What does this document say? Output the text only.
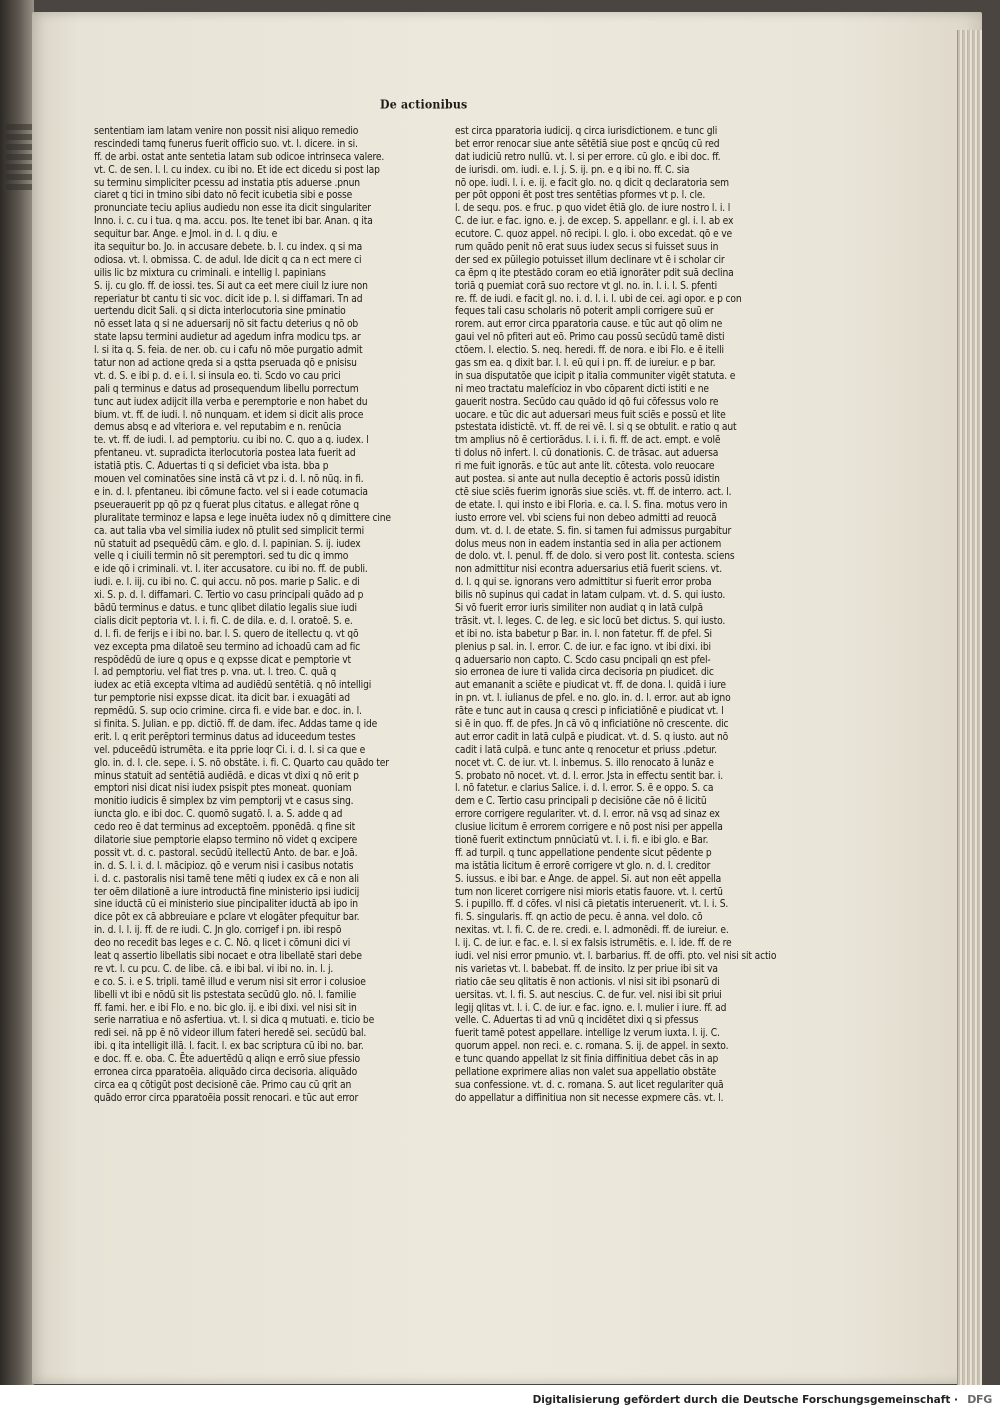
De actionibus
sententiam iam latam venire non possit nisi aliquo remedio
rescindedi tamq funerus fuerit officio suo. vt. l. dicere. in si.
ff. de arbi. ostat ante sentetia latam sub odicoe intrinseca valere.
vt. C. de sen. l. l. cu index. cu ibi no. Et ide ect dicedu si post lap
su terminu simpliciter pcessu ad instatia ptis aduerse .pnun
ciaret q tici in tmino sibi dato nō fecit icubetia sibi e posse
pronunciate teciu aplius audiedu non esse ita dicit singulariter
Inno. i. c. cu i tua. q ma. accu. pos. Ite tenet ibi bar. Anan. q ita
sequitur bar. Ange. e Jmol. in d. l. q diu. e
ita sequitur bo. Jo. in accusare debete. b. l. cu index. q si ma
odiosa. vt. l. obmissa. C. de adul. Ide dicit q ca n ect mere ci
uilis lic bz mixtura cu criminali. e intellig l. papinians
S. ij. cu glo. ff. de iossi. tes. Si aut ca eet mere ciuil lz iure non
reperiatur bt cantu ti sic voc. dicit ide p. l. si diffamari. Tn ad
uertendu dicit Sali. q si dicta interlocutoria sine pminatio
nō esset lata q si ne aduersarij nō sit factu deterius q nō ob
state lapsu termini audietur ad agedum infra modicu tps. ar
l. si ita q. S. feia. de ner. ob. cu i cafu nō mōe purgatio admit
tatur non ad actione qreda si a qstta pseruada qō e pnisisu
vt. d. S. e ibi p. d. e i. l. si insula eo. ti. Scdo vo cau prici
pali q terminus e datus ad prosequendum libellu porrectum
tunc aut iudex adijcit illa verba e peremptorie e non habet du
bium. vt. ff. de iudi. l. nō nunquam. et idem si dicit alis proce
demus absq e ad vlteriora e. vel reputabim e n. renūcia
te. vt. ff. de iudi. l. ad pemptoriu. cu ibi no. C. quo a q. iudex. l
pfentaneu. vt. supradicta iterlocutoria postea lata fuerit ad
istatiā ptis. C. Aduertas ti q si deficiet vba ista. bba p
mouen vel cominatōes sine instā cā vt pz i. d. l. nō nūq. in fi.
e in. d. l. pfentaneu. ibi cōmune facto. vel si i eade cotumacia
pseuerauerit pp qō pz q fuerat plus citatus. e allegat rōne q
pluralitate terminoz e lapsa e lege inuēta iudex nō q dimittere cine
ca. aut talia vba vel similia iudex nō ptulit sed simplicit termi
nū statuit ad psequēdū cām. e glo. d. l. papinian. S. ij. iudex
velle q i ciuili termin nō sit peremptori. sed tu dic q immo
e ide qō i criminali. vt. l. iter accusatore. cu ibi no. ff. de publi.
iudi. e. l. iij. cu ibi no. C. qui accu. nō pos. marie p Salic. e di
xi. S. p. d. l. diffamari. C. Tertio vo casu principali quādo ad p
bādū terminus e datus. e tunc qlibet dilatio legalis siue iudi
cialis dicit peptoria vt. l. i. fi. C. de dila. e. d. l. oratoē. S. e.
d. l. fi. de ferijs e i ibi no. bar. l. S. quero de itellectu q. vt qō
vez excepta pma dilatoē seu termino ad ichoadū cam ad fic
respōdēdū de iure q opus e q expsse dicat e pemptorie vt
l. ad pemptoriu. vel fiat tres p. vna. ut. l. treo. C. quā q
iudex ac etiā excepta vltima ad audiēdū sentētiā. q nō intelligi
tur pemptorie nisi expsse dicat. ita dicit bar. i exuagāti ad
repmēdū. S. sup ocio crimine. circa fi. e vide bar. e doc. in. l.
si finita. S. Julian. e pp. dictiō. ff. de dam. ifec. Addas tame q ide
erit. l. q erit perēptori terminus datus ad iduceedum testes
vel. pduceēdū istrumēta. e ita pprie loqr Ci. i. d. l. si ca que e
glo. in. d. l. cle. sepe. i. S. nō obstāte. i. fi. C. Quarto cau quādo ter
minus statuit ad sentētiā audiēdā. e dicas vt dixi q nō erit p
emptori nisi dicat nisi iudex psispit ptes moneat. quoniam
monitio iudicis ē simplex bz vim pemptorij vt e casus sing.
iuncta glo. e ibi doc. C. quomō sugatō. l. a. S. adde q ad
cedo reo ē dat terminus ad exceptoēm. pponēdā. q fine sit
dilatorie siue pemptorie elapso termino nō videt q excipere
possit vt. d. c. pastoral. secūdū itellectū Anto. de bar. e Joā.
in. d. S. l. i. d. l. mācipioz. qō e verum nisi i casibus notatis
i. d. c. pastoralis nisi tamē tene mēti q iudex ex cā e non ali
ter oēm dilationē a iure introductā fine ministerio ipsi iudicij
sine iductā cū ei ministerio siue pincipaliter iductā ab ipo in
dice pōt ex cā abbreuiare e pclare vt elogāter pfequitur bar.
in. d. l. l. ij. ff. de re iudi. C. Jn glo. corrigef i pn. ibi respō
deo no recedit bas leges e c. C. Nō. q licet i cōmuni dici vi
leat q assertio libellatis sibi nocaet e otra libellatē stari debe
re vt. l. cu pcu. C. de libe. cā. e ibi bal. vi ibi no. in. l. j.
e co. S. i. e S. tripli. tamē illud e verum nisi sit error i colusioe
libelli vt ibi e nōdū sit lis pstestata secūdū glo. nō. l. familie
ff. fami. her. e ibi Flo. e no. bic glo. ij. e ibi dixi. vel nisi sit in
serie narratiua e nō asfertiua. vt. l. si dica q mutuati. e. ticio be
redi sei. nā pp ē nō videor illum fateri heredē sei. secūdū bal.
ibi. q ita intelligit illā. l. facit. l. ex bac scriptura cū ibi no. bar.
e doc. ff. e. oba. C. Ēte aduertēdū q aliqn e errō siue pfessio
erronea circa pparatoēia. aliquādo circa decisoria. aliquādo
circa ea q cōtigūt post decisionē cāe. Primo cau cū qrit an
quādo error circa pparatoēia possit renocari. e tūc aut error
est circa pparatoria iudicij. q circa iurisdictionem. e tunc gli
bet error renocar siue ante sētētiā siue post e qncūq cū red
dat iudiciū retro nullū. vt. l. si per errore. cū glo. e ibi doc. ff.
de iurisdi. om. iudi. e. l. j. S. ij. pn. e q ibi no. ff. C. sia
nō ope. iudi. l. i. e. ij. e facit glo. no. q dicit q declaratoria sem
per pōt opponi ēt post tres sentētias pformes vt p. l. cle.
l. de sequ. pos. e fruc. p quo videt ētiā glo. de iure nostro l. i. l
C. de iur. e fac. igno. e. j. de excep. S. appellanr. e gl. i. l. ab ex
ecutore. C. quoz appel. nō recipi. l. glo. i. obo excedat. qō e ve
rum quādo penit nō erat suus iudex secus si fuisset suus in
der sed ex pūilegio potuisset illum declinare vt ē i scholar cir
ca ēpm q ite ptestādo coram eo etiā ignorāter pdit suā declina
toriā q puemiat corā suo rectore vt gl. no. in. l. i. l. S. pfenti
re. ff. de iudi. e facit gl. no. i. d. l. i. l. ubi de cei. agi opor. e p con
feques tali casu scholaris nō poterit ampli corrigere suū er
rorem. aut error circa pparatoria cause. e tūc aut qō olim ne
gaui vel nō pfiteri aut eō. Primo cau possū secūdū tamē disti
ctōem. l. electio. S. neq. heredi. ff. de nora. e ibi Flo. e ē itelli
gas sm ea. q dixit bar. l. l. eū qui i pn. ff. de iureiur. e p bar.
in sua disputatōe que icipit p italia communiter vigēt statuta. e
ni meo tractatu malefícioz in vbo cōparent dicti istiti e ne
gauerit nostra. Secūdo cau quādo id qō fui cōfessus volo re
uocare. e tūc dic aut aduersari meus fuit sciēs e possū et lite
pstestata idistictē. vt. ff. de rei vē. l. si q se obtulit. e ratio q aut
tm amplius nō ē certiorādus. l. i. i. fi. ff. de act. empt. e volē
ti dolus nō infert. l. cū donationis. C. de trāsac. aut aduersa
ri me fuit ignorās. e tūc aut ante lit. cōtesta. volo reuocare
aut postea. si ante aut nulla deceptio ē actoris possū idistin
ctē siue sciēs fuerim ignorās siue sciēs. vt. ff. de interro. act. l.
de etate. l. qui insto e ibi Floria. e. ca. l. S. fina. motus vero in
iusto errore vel. vbi sciens fui non debeo admitti ad reuocā
dum. vt. d. l. de etate. S. fin. si tamen fui admissus purgabitur
dolus meus non in eadem instantia sed in alia per actionem
de dolo. vt. l. penul. ff. de dolo. si vero post lit. contesta. sciens
non admittitur nisi econtra aduersarius etiā fuerit sciens. vt.
d. l. q qui se. ignorans vero admittitur si fuerit error proba
bilis nō supinus qui cadat in latam culpam. vt. d. S. qui iusto.
Si vō fuerit error iuris similiter non audiat q in latā culpā
trāsit. vt. l. leges. C. de leg. e sic locū bet dictus. S. qui iusto.
et ibi no. ista babetur p Bar. in. l. non fatetur. ff. de pfel. Si
plenius p sal. in. l. error. C. de iur. e fac igno. vt ibi dixi. ibi
q aduersario non capto. C. Scdo casu pncipali qn est pfel-
sio erronea de iure ti valida circa decisoria pn piudicet. dic
aut emananit a sciēte e piudicat vt. ff. de dona. l. quidā i iure
in pn. vt. l. iulianus de pfel. e no. glo. in. d. l. error. aut ab igno
rāte e tunc aut in causa q cresci p inficiatiōnē e piudicat vt. l
si ē in quo. ff. de pfes. Jn cā vō q inficiatiōne nō crescente. dic
aut error cadit in latā culpā e piudicat. vt. d. S. q iusto. aut nō
cadit i latā culpā. e tunc ante q renocetur et priuss .pdetur.
nocet vt. C. de iur. vt. l. inbemus. S. illo renocato ā lunāz e
S. probato nō nocet. vt. d. l. error. Jsta in effectu sentit bar. i.
l. nō fatetur. e clarius Salice. i. d. l. error. S. ē e oppo. S. ca
dem e C. Tertio casu principali p decisiōne cāe nō ē licitū
errore corrigere regulariter. vt. d. l. error. nā vsq ad sinaz ex
clusiue licitum ē errorem corrigere e nō post nisi per appella
tionē fuerit extinctum pnnūciatū vt. l. i. fi. e ibi glo. e Bar.
ff. ad turpil. q tunc appellatione pendente sicut pēdente p
ma istātia licitum ē errorē corrigere vt glo. n. d. l. creditor
S. iussus. e ibi bar. e Ange. de appel. Si. aut non eēt appella
tum non liceret corrigere nisi mioris etatis fauore. vt. l. certū
S. i pupillo. ff. d cōfes. vl nisi cā pietatis interuenerit. vt. l. i. S.
fi. S. singularis. ff. qn actio de pecu. ē anna. vel dolo. cō
nexitas. vt. l. fi. C. de re. credi. e. l. admonēdi. ff. de iureiur. e.
l. ij. C. de iur. e fac. e. l. si ex falsis istrumētis. e. l. ide. ff. de re
iudi. vel nisi error pmunio. vt. l. barbarius. ff. de offi. pto. vel nisi sit actio
nis varietas vt. l. babebat. ff. de insito. lz per priue ibi sit va
riatio cāe seu qlitatis ē non actionis. vl nisi sit ibi psonarū di
uersitas. vt. l. fi. S. aut nescius. C. de fur. vel. nisi ibi sit priui
legij qlitas vt. l. i. C. de iur. e fac. igno. e. l. mulier i iure. ff. ad
velle. C. Aduertas ti ad vnū q incidētet dixi q si pfessus
fuerit tamē potest appellare. intellige lz verum iuxta. l. ij. C.
quorum appel. non reci. e. c. romana. S. ij. de appel. in sexto.
e tunc quando appellat lz sit finia diffinitiua debet cās in ap
pellatione exprimere alias non valet sua appellatio obstāte
sua confessione. vt. d. c. romana. S. aut licet regulariter quā
do appellatur a diffinitiua non sit necesse expmere cās. vt. l.
Digitalisierung gefördert durch die Deutsche Forschungsgemeinschaft · DFG
